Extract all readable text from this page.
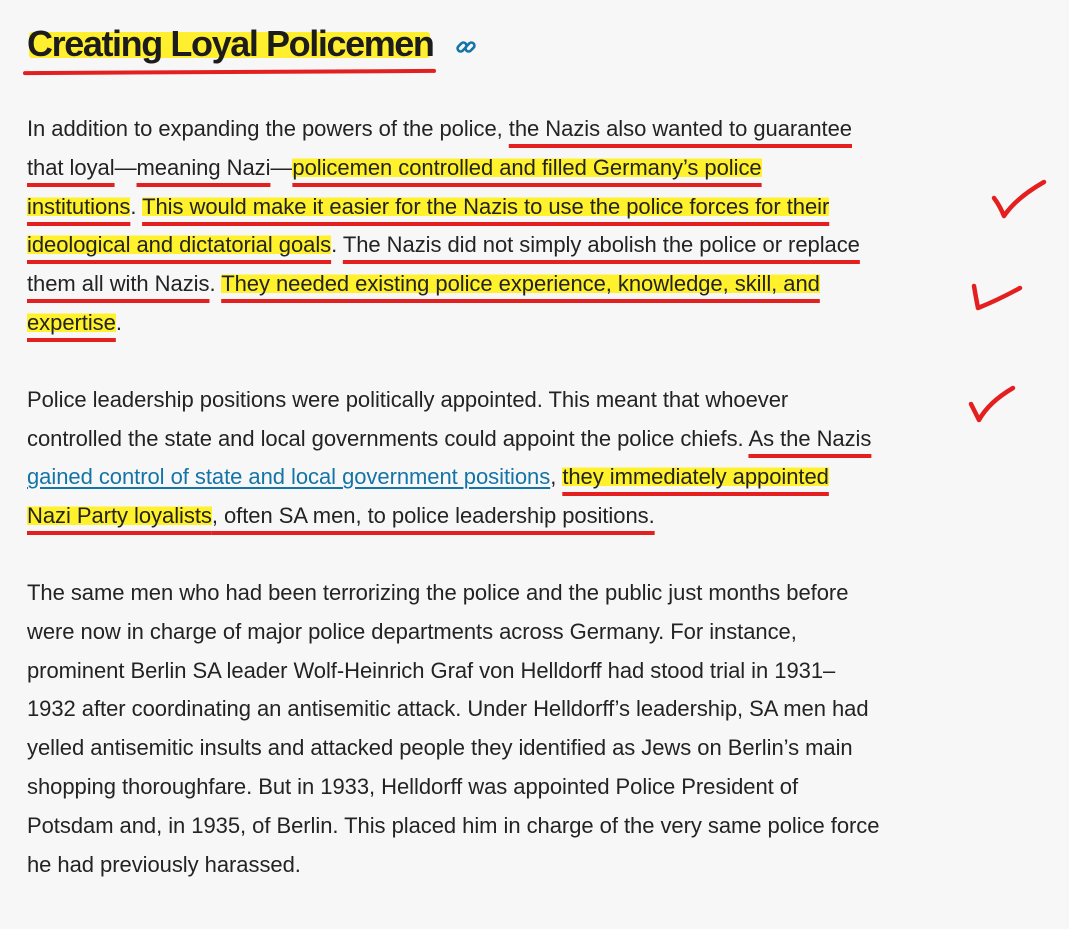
Creating Loyal Policemen

In addition to expanding the powers of the police, the Nazis also wanted to guarantee
that loyal—meaning Nazi—policemen controlled and filled Germany’s police
institutions. This would make it easier for the Nazis to use the police forces for their
ideological and dictatorial goals. The Nazis did not simply abolish the police or replace
them all with Nazis. They needed existing police experience, knowledge, skill, and
expertise.

Police leadership positions were politically appointed. This meant that whoever
controlled the state and local governments could appoint the police chiefs. As the Nazis
gained control of state and local government positions, they immediately appointed
Nazi Party loyalists, often SA men, to police leadership positions.

The same men who had been terrorizing the police and the public just months before
were now in charge of major police departments across Germany. For instance,
prominent Berlin SA leader Wolf-Heinrich Graf von Helldorff had stood trial in 1931–
1932 after coordinating an antisemitic attack. Under Helldorff’s leadership, SA men had
yelled antisemitic insults and attacked people they identified as Jews on Berlin’s main
shopping thoroughfare. But in 1933, Helldorff was appointed Police President of
Potsdam and, in 1935, of Berlin. This placed him in charge of the very same police force
he had previously harassed.
